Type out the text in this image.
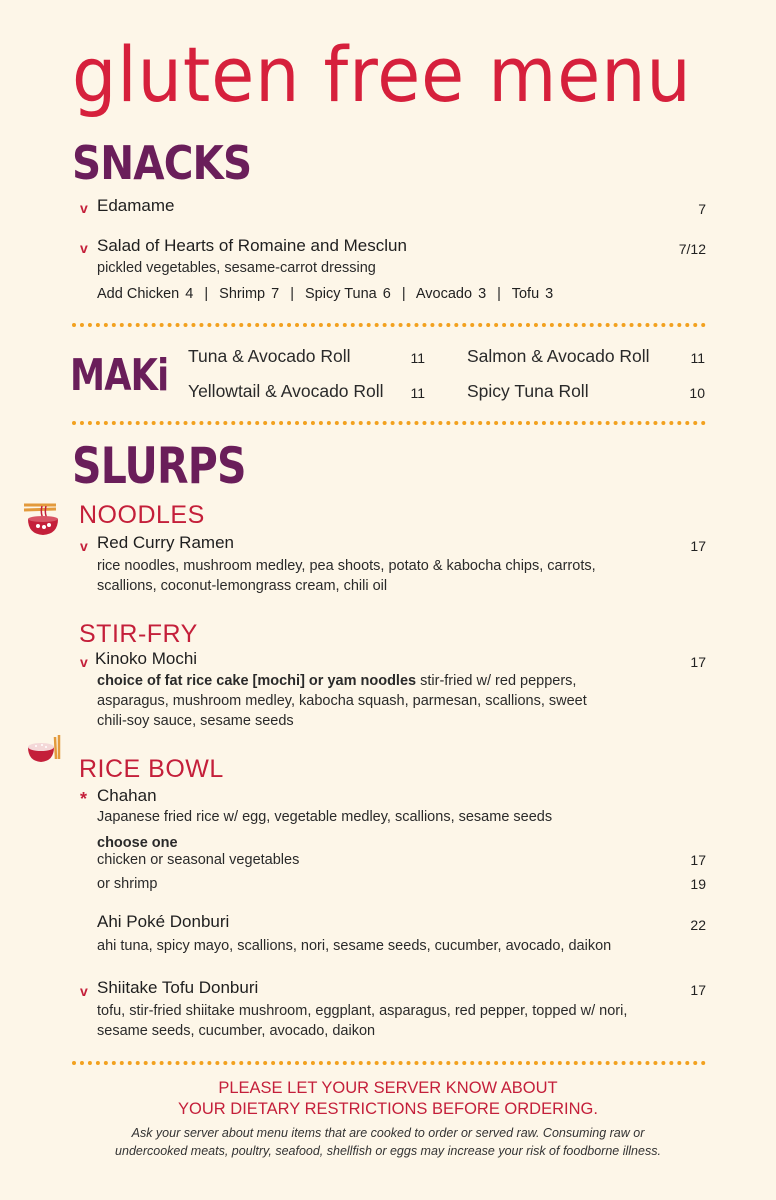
gluten free menu
SNACKS
v Edamame	7
v Salad of Hearts of Romaine and Mesclun	7/12
pickled vegetables, sesame-carrot dressing
Add Chicken 4 | Shrimp 7 | Spicy Tuna 6 | Avocado 3 | Tofu 3
MAKi Tuna & Avocado Roll	11 Salmon & Avocado Roll	11
Yellowtail & Avocado Roll	11 Spicy Tuna Roll	10
SLURPS
NOODLES
v Red Curry Ramen	17
rice noodles, mushroom medley, pea shoots, potato & kabocha chips, carrots,
scallions, coconut-lemongrass cream, chili oil
STIR-FRY
v Kinoko Mochi	17
choice of fat rice cake [mochi] or yam noodles stir-fried w/ red peppers,
asparagus, mushroom medley, kabocha squash, parmesan, scallions, sweet
chili-soy sauce, sesame seeds
RICE BOWL
* Chahan
Japanese fried rice w/ egg, vegetable medley, scallions, sesame seeds
choose one
chicken or seasonal vegetables	17
or shrimp	19
Ahi Poké Donburi	22
ahi tuna, spicy mayo, scallions, nori, sesame seeds, cucumber, avocado, daikon
v Shiitake Tofu Donburi	17
tofu, stir-fried shiitake mushroom, eggplant, asparagus, red pepper, topped w/ nori,
sesame seeds, cucumber, avocado, daikon
PLEASE LET YOUR SERVER KNOW ABOUT
YOUR DIETARY RESTRICTIONS BEFORE ORDERING.
Ask your server about menu items that are cooked to order or served raw. Consuming raw or
undercooked meats, poultry, seafood, shellfish or eggs may increase your risk of foodborne illness.
